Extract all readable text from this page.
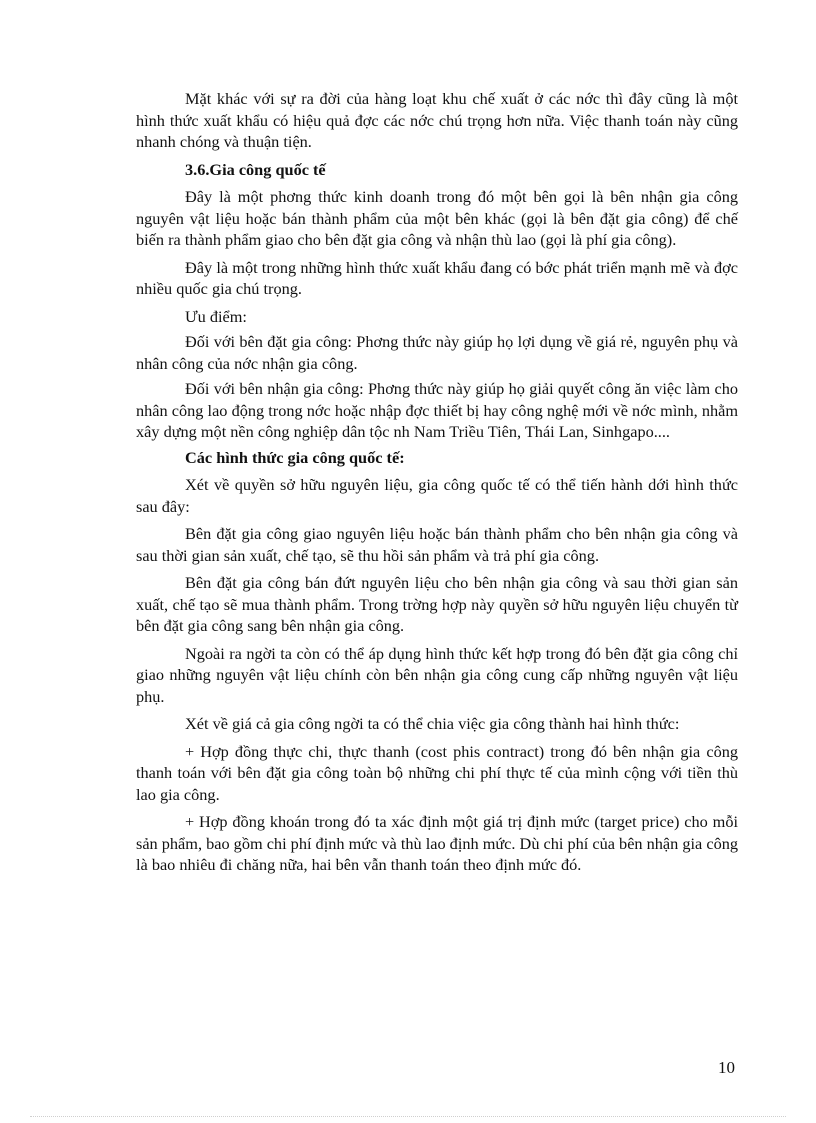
Mặt khác với sự ra đời của hàng loạt khu chế xuất ở các nớc thì đây cũng là một hình thức xuất khẩu có hiệu quả đợc các nớc chú trọng hơn nữa. Việc thanh toán này cũng nhanh chóng và thuận tiện.

3.6.Gia công quốc tế

Đây là một phơng thức kinh doanh trong đó một bên gọi là bên nhận gia công nguyên vật liệu hoặc bán thành phẩm của một bên khác (gọi là bên đặt gia công) để chế biến ra thành phẩm giao cho bên đặt gia công và nhận thù lao (gọi là phí gia công).

Đây là một trong những hình thức xuất khẩu đang có bớc phát triển mạnh mẽ và đợc nhiều quốc gia chú trọng.

Ưu điểm:

Đối với bên đặt gia công: Phơng thức này giúp họ lợi dụng về giá rẻ, nguyên phụ và nhân công của nớc nhận gia công.

Đối với bên nhận gia công: Phơng thức này giúp họ giải quyết công ăn việc làm cho nhân công lao động trong nớc hoặc nhập đợc thiết bị hay công nghệ mới về nớc mình, nhằm xây dựng một nền công nghiệp dân tộc nh Nam Triều Tiên, Thái Lan, Sinhgapo....

Các hình thức gia công quốc tế:

Xét về quyền sở hữu nguyên liệu, gia công quốc tế có thể tiến hành dới hình thức sau đây:

Bên đặt gia công giao nguyên liệu hoặc bán thành phẩm cho bên nhận gia công và sau thời gian sản xuất, chế tạo, sẽ thu hồi sản phẩm và trả phí gia công.

Bên đặt gia công bán đứt nguyên liệu cho bên nhận gia công và sau thời gian sản xuất, chế tạo sẽ mua thành phẩm. Trong trờng hợp này quyền sở hữu nguyên liệu chuyển từ bên đặt gia công sang bên nhận gia công.

Ngoài ra ngời ta còn có thể áp dụng hình thức kết hợp trong đó bên đặt gia công chỉ giao những nguyên vật liệu chính còn bên nhận gia công cung cấp những nguyên vật liệu phụ.

Xét về giá cả gia công ngời ta có thể chia việc gia công thành hai hình thức:

+ Hợp đồng thực chi, thực thanh (cost phis contract) trong đó bên nhận gia công thanh toán với bên đặt gia công toàn bộ những chi phí thực tế của mình cộng với tiền thù lao gia công.

+ Hợp đồng khoán trong đó ta xác định một giá trị định mức (target price) cho mỗi sản phẩm, bao gồm chi phí định mức và thù lao định mức. Dù chi phí của bên nhận gia công là bao nhiêu đi chăng nữa, hai bên vẫn thanh toán theo định mức đó.

10
